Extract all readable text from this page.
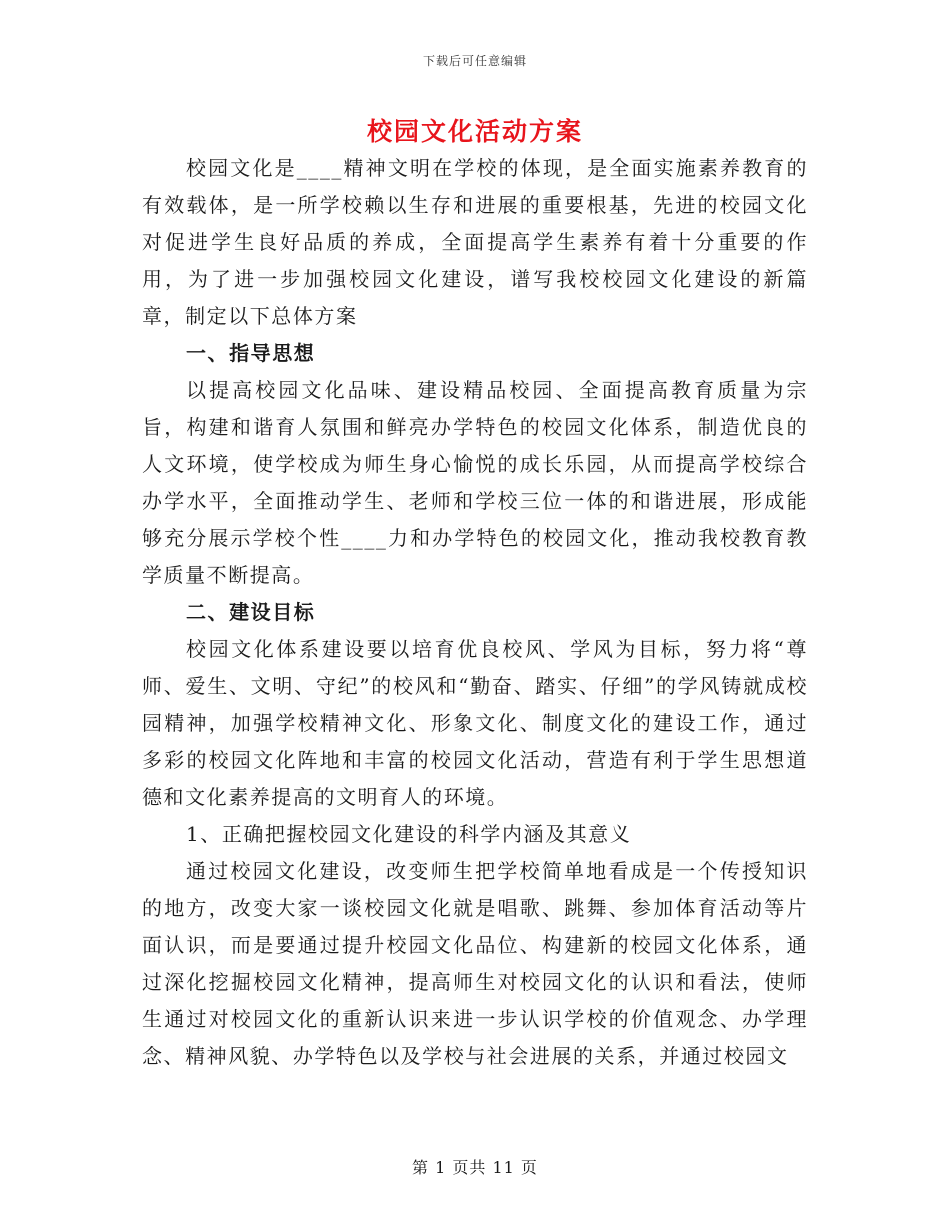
下载后可任意编辑
校园文化活动方案

校园文化是____精神文明在学校的体现，是全面实施素养教育的有效载体，是一所学校赖以生存和进展的重要根基，先进的校园文化对促进学生良好品质的养成，全面提高学生素养有着十分重要的作用，为了进一步加强校园文化建设，谱写我校校园文化建设的新篇章，制定以下总体方案

一、指导思想

以提高校园文化品味、建设精品校园、全面提高教育质量为宗旨，构建和谐育人氛围和鲜亮办学特色的校园文化体系，制造优良的人文环境，使学校成为师生身心愉悦的成长乐园，从而提高学校综合办学水平，全面推动学生、老师和学校三位一体的和谐进展，形成能够充分展示学校个性____力和办学特色的校园文化，推动我校教育教学质量不断提高。

二、建设目标

校园文化体系建设要以培育优良校风、学风为目标，努力将“尊师、爱生、文明、守纪”的校风和“勤奋、踏实、仔细”的学风铸就成校园精神，加强学校精神文化、形象文化、制度文化的建设工作，通过多彩的校园文化阵地和丰富的校园文化活动，营造有利于学生思想道德和文化素养提高的文明育人的环境。

1、正确把握校园文化建设的科学内涵及其意义

通过校园文化建设，改变师生把学校简单地看成是一个传授知识的地方，改变大家一谈校园文化就是唱歌、跳舞、参加体育活动等片面认识，而是要通过提升校园文化品位、构建新的校园文化体系，通过深化挖掘校园文化精神，提高师生对校园文化的认识和看法，使师生通过对校园文化的重新认识来进一步认识学校的价值观念、办学理念、精神风貌、办学特色以及学校与社会进展的关系，并通过校园文

第 1 页共 11 页
